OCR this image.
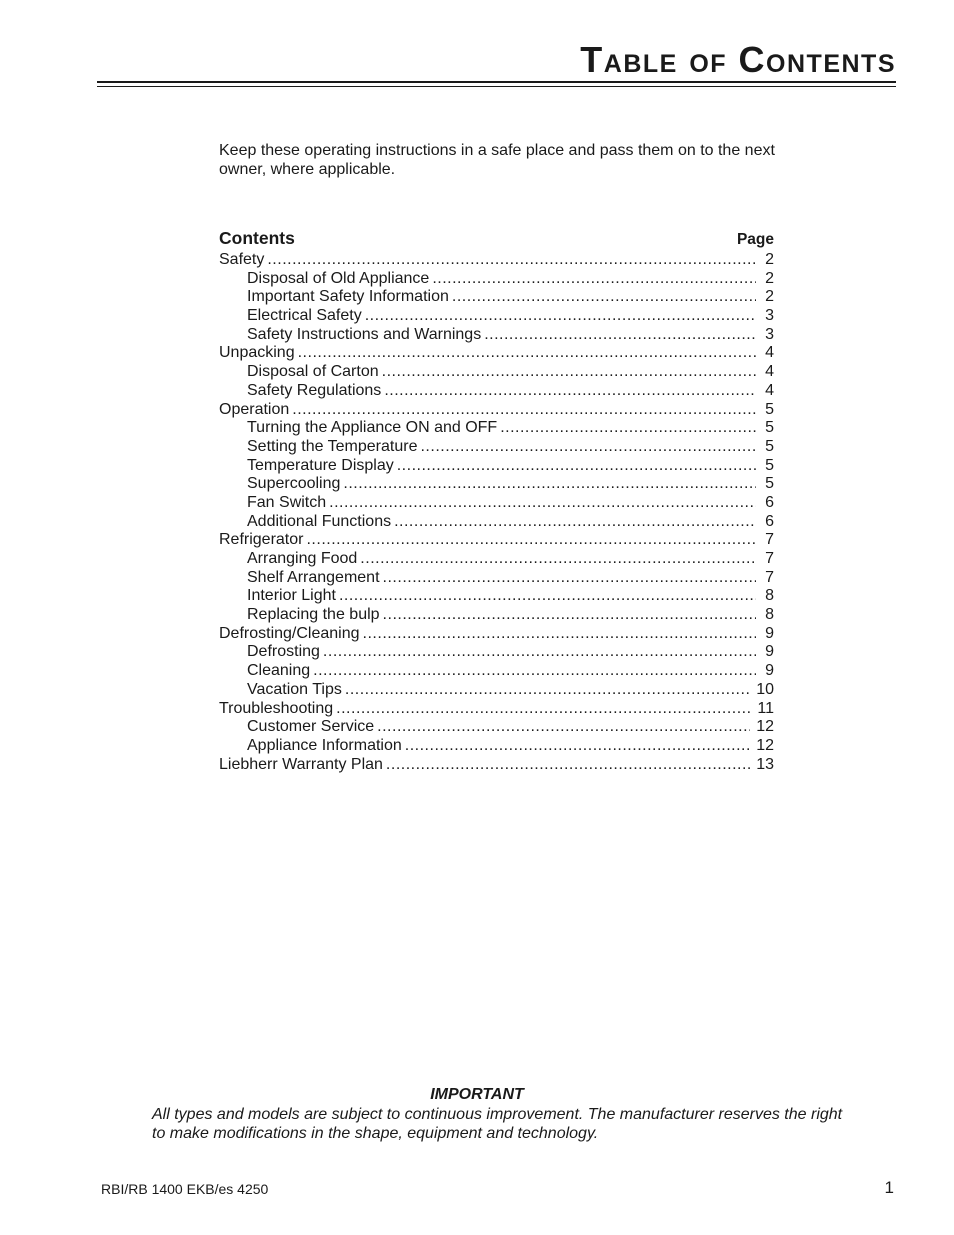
Table of Contents

Keep these operating instructions in a safe place and pass them on to the next owner, where applicable.

Contents	Page
Safety .....	2
Disposal of Old Appliance .....	2
Important Safety Information .....	2
Electrical Safety .....	3
Safety Instructions and Warnings .....	3
Unpacking .....	4
Disposal of Carton .....	4
Safety Regulations .....	4
Operation .....	5
Turning the Appliance ON and OFF .....	5
Setting the Temperature .....	5
Temperature Display .....	5
Supercooling .....	5
Fan Switch .....	6
Additional Functions .....	6
Refrigerator .....	7
Arranging Food .....	7
Shelf Arrangement .....	7
Interior Light .....	8
Replacing the bulp .....	8
Defrosting/Cleaning .....	9
Defrosting .....	9
Cleaning .....	9
Vacation Tips .....	10
Troubleshooting .....	11
Customer Service .....	12
Appliance Information .....	12
Liebherr Warranty Plan .....	13
IMPORTANT

All types and models are subject to continuous improvement. The manufacturer reserves the right to make modifications in the shape, equipment and technology.

RBI/RB 1400 EKB/es 4250	1
